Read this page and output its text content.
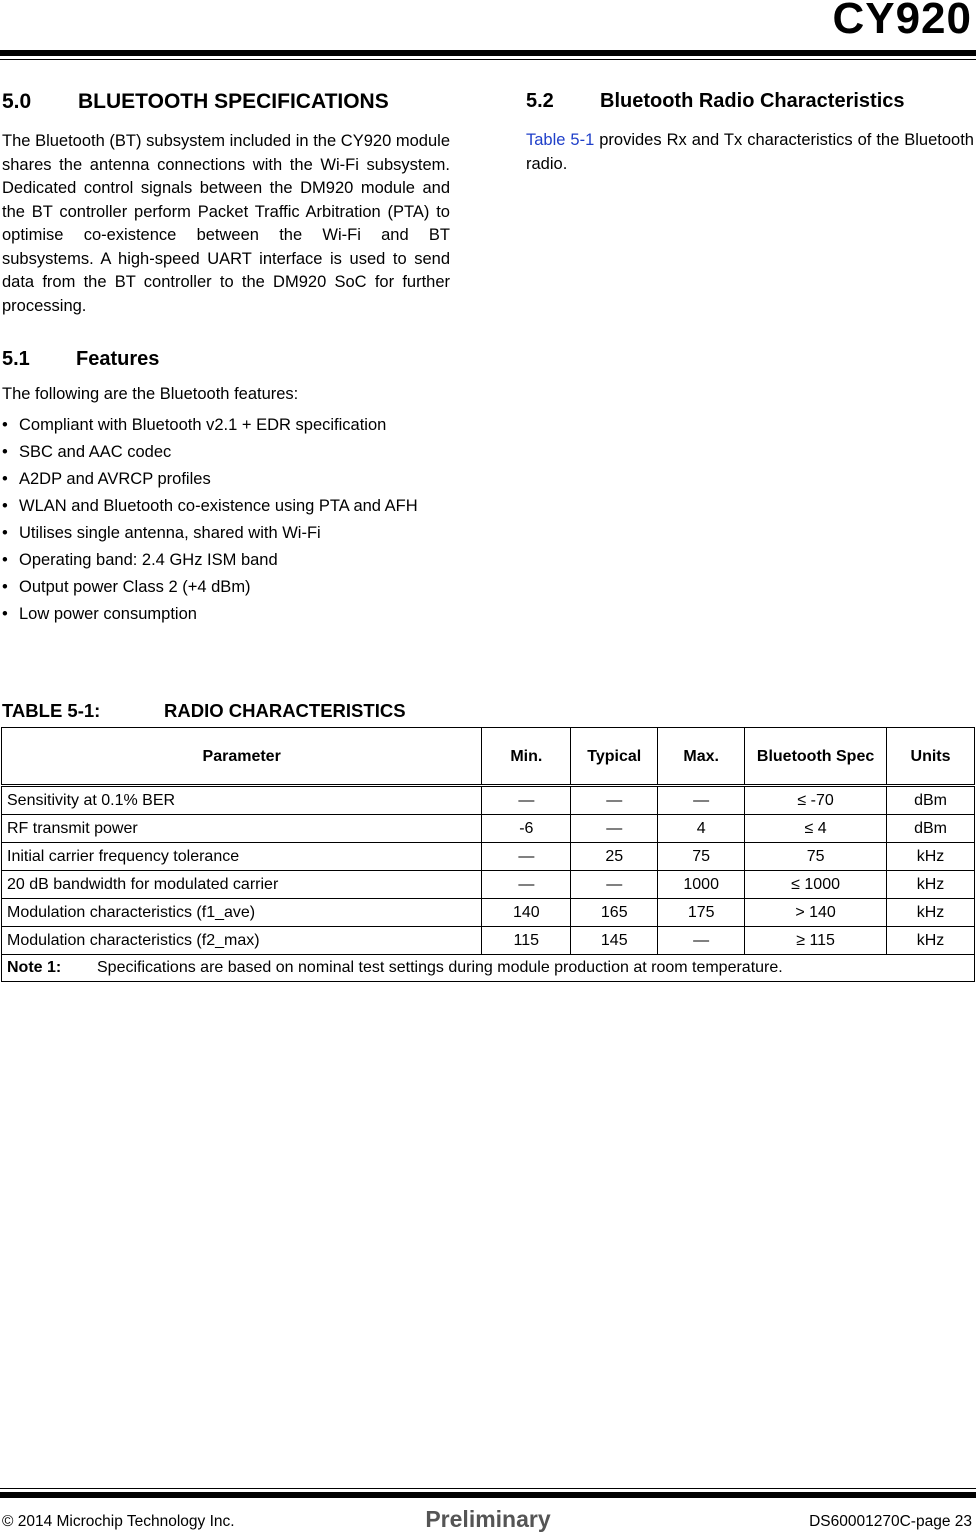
CY920
5.0	BLUETOOTH SPECIFICATIONS

The Bluetooth (BT) subsystem included in the CY920 module shares the antenna connections with the Wi-Fi subsystem. Dedicated control signals between the DM920 module and the BT controller perform Packet Traffic Arbitration (PTA) to optimise co-existence between the Wi-Fi and BT subsystems. A high-speed UART interface is used to send data from the BT controller to the DM920 SoC for further processing.

5.1	Features

The following are the Bluetooth features:

• Compliant with Bluetooth v2.1 + EDR specification
• SBC and AAC codec
• A2DP and AVRCP profiles
• WLAN and Bluetooth co-existence using PTA and AFH
• Utilises single antenna, shared with Wi-Fi
• Operating band: 2.4 GHz ISM band
• Output power Class 2 (+4 dBm)
• Low power consumption
5.2	Bluetooth Radio Characteristics

Table 5-1 provides Rx and Tx characteristics of the Bluetooth radio.

TABLE 5-1:	RADIO CHARACTERISTICS
Parameter	Min.	Typical	Max.	Bluetooth Spec	Units
Sensitivity at 0.1% BER	—	—	—	≤ -70	dBm
RF transmit power	-6	—	4	≤ 4	dBm
Initial carrier frequency tolerance	—	25	75	75	kHz
20 dB bandwidth for modulated carrier	—	—	1000	≤ 1000	kHz
Modulation characteristics (f1_ave)	140	165	175	> 140	kHz
Modulation characteristics (f2_max)	115	145	—	≥ 115	kHz
Note 1: Specifications are based on nominal test settings during module production at room temperature.					
© 2014 Microchip Technology Inc.	Preliminary	DS60001270C-page 23
